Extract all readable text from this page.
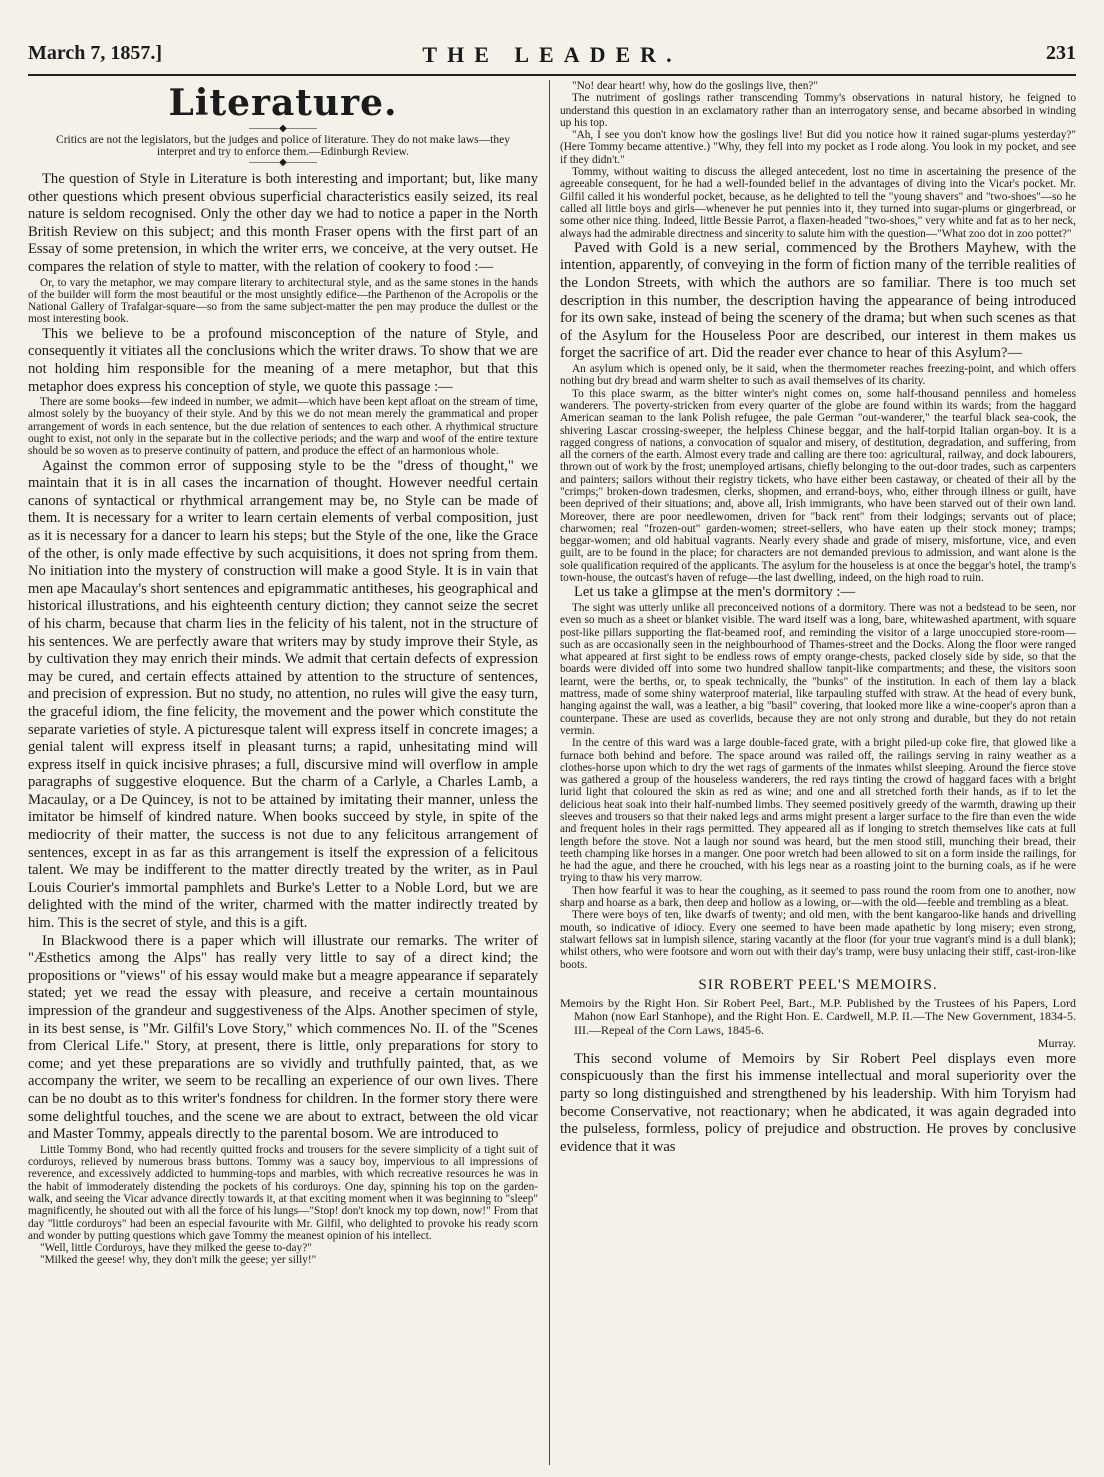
March 7, 1857.]	THE LEADER.	231
Literature.
———◆———

Critics are not the legislators, but the judges and police of literature. They do not make laws—they interpret and try to enforce them.—Edinburgh Review.

———◆———

The question of Style in Literature is both interesting and important; but, like many other questions which present obvious superficial characteristics easily seized, its real nature is seldom recognised. Only the other day we had to notice a paper in the North British Review on this subject; and this month Fraser opens with the first part of an Essay of some pretension, in which the writer errs, we conceive, at the very outset. He compares the relation of style to matter, with the relation of cookery to food :—

Or, to vary the metaphor, we may compare literary to architectural style, and as the same stones in the hands of the builder will form the most beautiful or the most unsightly edifice—the Parthenon of the Acropolis or the National Gallery of Trafalgar-square—so from the same subject-matter the pen may produce the dullest or the most interesting book.

This we believe to be a profound misconception of the nature of Style, and consequently it vitiates all the conclusions which the writer draws. To show that we are not holding him responsible for the meaning of a mere metaphor, but that this metaphor does express his conception of style, we quote this passage :—

There are some books—few indeed in number, we admit—which have been kept afloat on the stream of time, almost solely by the buoyancy of their style. And by this we do not mean merely the grammatical and proper arrangement of words in each sentence, but the due relation of sentences to each other. A rhythmical structure ought to exist, not only in the separate but in the collective periods; and the warp and woof of the entire texture should be so woven as to preserve continuity of pattern, and produce the effect of an harmonious whole.

Against the common error of supposing style to be the "dress of thought," we maintain that it is in all cases the incarnation of thought. However needful certain canons of syntactical or rhythmical arrangement may be, no Style can be made of them. It is necessary for a writer to learn certain elements of verbal composition, just as it is necessary for a dancer to learn his steps; but the Style of the one, like the Grace of the other, is only made effective by such acquisitions, it does not spring from them. No initiation into the mystery of construction will make a good Style. It is in vain that men ape Macaulay's short sentences and epigrammatic antitheses, his geographical and historical illustrations, and his eighteenth century diction; they cannot seize the secret of his charm, because that charm lies in the felicity of his talent, not in the structure of his sentences. We are perfectly aware that writers may by study improve their Style, as by cultivation they may enrich their minds. We admit that certain defects of expression may be cured, and certain effects attained by attention to the structure of sentences, and precision of expression. But no study, no attention, no rules will give the easy turn, the graceful idiom, the fine felicity, the movement and the power which constitute the separate varieties of style. A picturesque talent will express itself in concrete images; a genial talent will express itself in pleasant turns; a rapid, unhesitating mind will express itself in quick incisive phrases; a full, discursive mind will overflow in ample paragraphs of suggestive eloquence. But the charm of a Carlyle, a Charles Lamb, a Macaulay, or a De Quincey, is not to be attained by imitating their manner, unless the imitator be himself of kindred nature. When books succeed by style, in spite of the mediocrity of their matter, the success is not due to any felicitous arrangement of sentences, except in as far as this arrangement is itself the expression of a felicitous talent. We may be indifferent to the matter directly treated by the writer, as in Paul Louis Courier's immortal pamphlets and Burke's Letter to a Noble Lord, but we are delighted with the mind of the writer, charmed with the matter indirectly treated by him. This is the secret of style, and this is a gift.

In Blackwood there is a paper which will illustrate our remarks. The writer of "Æsthetics among the Alps" has really very little to say of a direct kind; the propositions or "views" of his essay would make but a meagre appearance if separately stated; yet we read the essay with pleasure, and receive a certain mountainous impression of the grandeur and suggestiveness of the Alps. Another specimen of style, in its best sense, is "Mr. Gilfil's Love Story," which commences No. II. of the "Scenes from Clerical Life." Story, at present, there is little, only preparations for story to come; and yet these preparations are so vividly and truthfully painted, that, as we accompany the writer, we seem to be recalling an experience of our own lives. There can be no doubt as to this writer's fondness for children. In the former story there were some delightful touches, and the scene we are about to extract, between the old vicar and Master Tommy, appeals directly to the parental bosom. We are introduced to

Little Tommy Bond, who had recently quitted frocks and trousers for the severe simplicity of a tight suit of corduroys, relieved by numerous brass buttons. Tommy was a saucy boy, impervious to all impressions of reverence, and excessively addicted to humming-tops and marbles, with which recreative resources he was in the habit of immoderately distending the pockets of his corduroys. One day, spinning his top on the garden-walk, and seeing the Vicar advance directly towards it, at that exciting moment when it was beginning to "sleep" magnificently, he shouted out with all the force of his lungs—"Stop! don't knock my top down, now!" From that day "little corduroys" had been an especial favourite with Mr. Gilfil, who delighted to provoke his ready scorn and wonder by putting questions which gave Tommy the meanest opinion of his intellect.

"Well, little Corduroys, have they milked the geese to-day?"

"Milked the geese! why, they don't milk the geese; yer silly!"

"No! dear heart! why, how do the goslings live, then?"

The nutriment of goslings rather transcending Tommy's observations in natural history, he feigned to understand this question in an exclamatory rather than an interrogatory sense, and became absorbed in winding up his top.

"Ah, I see you don't know how the goslings live! But did you notice how it rained sugar-plums yesterday?" (Here Tommy became attentive.) "Why, they fell into my pocket as I rode along. You look in my pocket, and see if they didn't."

Tommy, without waiting to discuss the alleged antecedent, lost no time in ascertaining the presence of the agreeable consequent, for he had a well-founded belief in the advantages of diving into the Vicar's pocket. Mr. Gilfil called it his wonderful pocket, because, as he delighted to tell the "young shavers" and "two-shoes"—so he called all little boys and girls—whenever he put pennies into it, they turned into sugar-plums or gingerbread, or some other nice thing. Indeed, little Bessie Parrot, a flaxen-headed "two-shoes," very white and fat as to her neck, always had the admirable directness and sincerity to salute him with the question—"What zoo dot in zoo pottet?"

Paved with Gold is a new serial, commenced by the Brothers Mayhew, with the intention, apparently, of conveying in the form of fiction many of the terrible realities of the London Streets, with which the authors are so familiar. There is too much set description in this number, the description having the appearance of being introduced for its own sake, instead of being the scenery of the drama; but when such scenes as that of the Asylum for the Houseless Poor are described, our interest in them makes us forget the sacrifice of art. Did the reader ever chance to hear of this Asylum?—

An asylum which is opened only, be it said, when the thermometer reaches freezing-point, and which offers nothing but dry bread and warm shelter to such as avail themselves of its charity.

To this place swarm, as the bitter winter's night comes on, some half-thousand penniless and homeless wanderers. The poverty-stricken from every quarter of the globe are found within its wards; from the haggard American seaman to the lank Polish refugee, the pale German "out-wanderer," the tearful black sea-cook, the shivering Lascar crossing-sweeper, the helpless Chinese beggar, and the half-torpid Italian organ-boy. It is a ragged congress of nations, a convocation of squalor and misery, of destitution, degradation, and suffering, from all the corners of the earth. Almost every trade and calling are there too: agricultural, railway, and dock labourers, thrown out of work by the frost; unemployed artisans, chiefly belonging to the out-door trades, such as carpenters and painters; sailors without their registry tickets, who have either been castaway, or cheated of their all by the "crimps;" broken-down tradesmen, clerks, shopmen, and errand-boys, who, either through illness or guilt, have been deprived of their situations; and, above all, Irish immigrants, who have been starved out of their own land. Moreover, there are poor needlewomen, driven for "back rent" from their lodgings; servants out of place; charwomen; real "frozen-out" garden-women; street-sellers, who have eaten up their stock money; tramps; beggar-women; and old habitual vagrants. Nearly every shade and grade of misery, misfortune, vice, and even guilt, are to be found in the place; for characters are not demanded previous to admission, and want alone is the sole qualification required of the applicants. The asylum for the houseless is at once the beggar's hotel, the tramp's town-house, the outcast's haven of refuge—the last dwelling, indeed, on the high road to ruin.

Let us take a glimpse at the men's dormitory :—

The sight was utterly unlike all preconceived notions of a dormitory. There was not a bedstead to be seen, nor even so much as a sheet or blanket visible. The ward itself was a long, bare, whitewashed apartment, with square post-like pillars supporting the flat-beamed roof, and reminding the visitor of a large unoccupied store-room—such as are occasionally seen in the neighbourhood of Thames-street and the Docks. Along the floor were ranged what appeared at first sight to be endless rows of empty orange-chests, packed closely side by side, so that the boards were divided off into some two hundred shallow tanpit-like compartments; and these, the visitors soon learnt, were the berths, or, to speak technically, the "bunks" of the institution. In each of them lay a black mattress, made of some shiny waterproof material, like tarpauling stuffed with straw. At the head of every bunk, hanging against the wall, was a leather, a big "basil" covering, that looked more like a wine-cooper's apron than a counterpane. These are used as coverlids, because they are not only strong and durable, but they do not retain vermin.

In the centre of this ward was a large double-faced grate, with a bright piled-up coke fire, that glowed like a furnace both behind and before. The space around was railed off, the railings serving in rainy weather as a clothes-horse upon which to dry the wet rags of garments of the inmates whilst sleeping. Around the fierce stove was gathered a group of the houseless wanderers, the red rays tinting the crowd of haggard faces with a bright lurid light that coloured the skin as red as wine; and one and all stretched forth their hands, as if to let the delicious heat soak into their half-numbed limbs. They seemed positively greedy of the warmth, drawing up their sleeves and trousers so that their naked legs and arms might present a larger surface to the fire than even the wide and frequent holes in their rags permitted. They appeared all as if longing to stretch themselves like cats at full length before the stove. Not a laugh nor sound was heard, but the men stood still, munching their bread, their teeth champing like horses in a manger. One poor wretch had been allowed to sit on a form inside the railings, for he had the ague, and there he crouched, with his legs near as a roasting joint to the burning coals, as if he were trying to thaw his very marrow.

Then how fearful it was to hear the coughing, as it seemed to pass round the room from one to another, now sharp and hoarse as a bark, then deep and hollow as a lowing, or—with the old—feeble and trembling as a bleat.

There were boys of ten, like dwarfs of twenty; and old men, with the bent kangaroo-like hands and drivelling mouth, so indicative of idiocy. Every one seemed to have been made apathetic by long misery; even strong, stalwart fellows sat in lumpish silence, staring vacantly at the floor (for your true vagrant's mind is a dull blank); whilst others, who were footsore and worn out with their day's tramp, were busy unlacing their stiff, cast-iron-like boots.

SIR ROBERT PEEL'S MEMOIRS.

Memoirs by the Right Hon. Sir Robert Peel, Bart., M.P. Published by the Trustees of his Papers, Lord Mahon (now Earl Stanhope), and the Right Hon. E. Cardwell, M.P. II.—The New Government, 1834-5. III.—Repeal of the Corn Laws, 1845-6.

Murray.

This second volume of Memoirs by Sir Robert Peel displays even more conspicuously than the first his immense intellectual and moral superiority over the party so long distinguished and strengthened by his leadership. With him Toryism had become Conservative, not reactionary; when he abdicated, it was again degraded into the pulseless, formless, policy of prejudice and obstruction. He proves by conclusive evidence that it was
